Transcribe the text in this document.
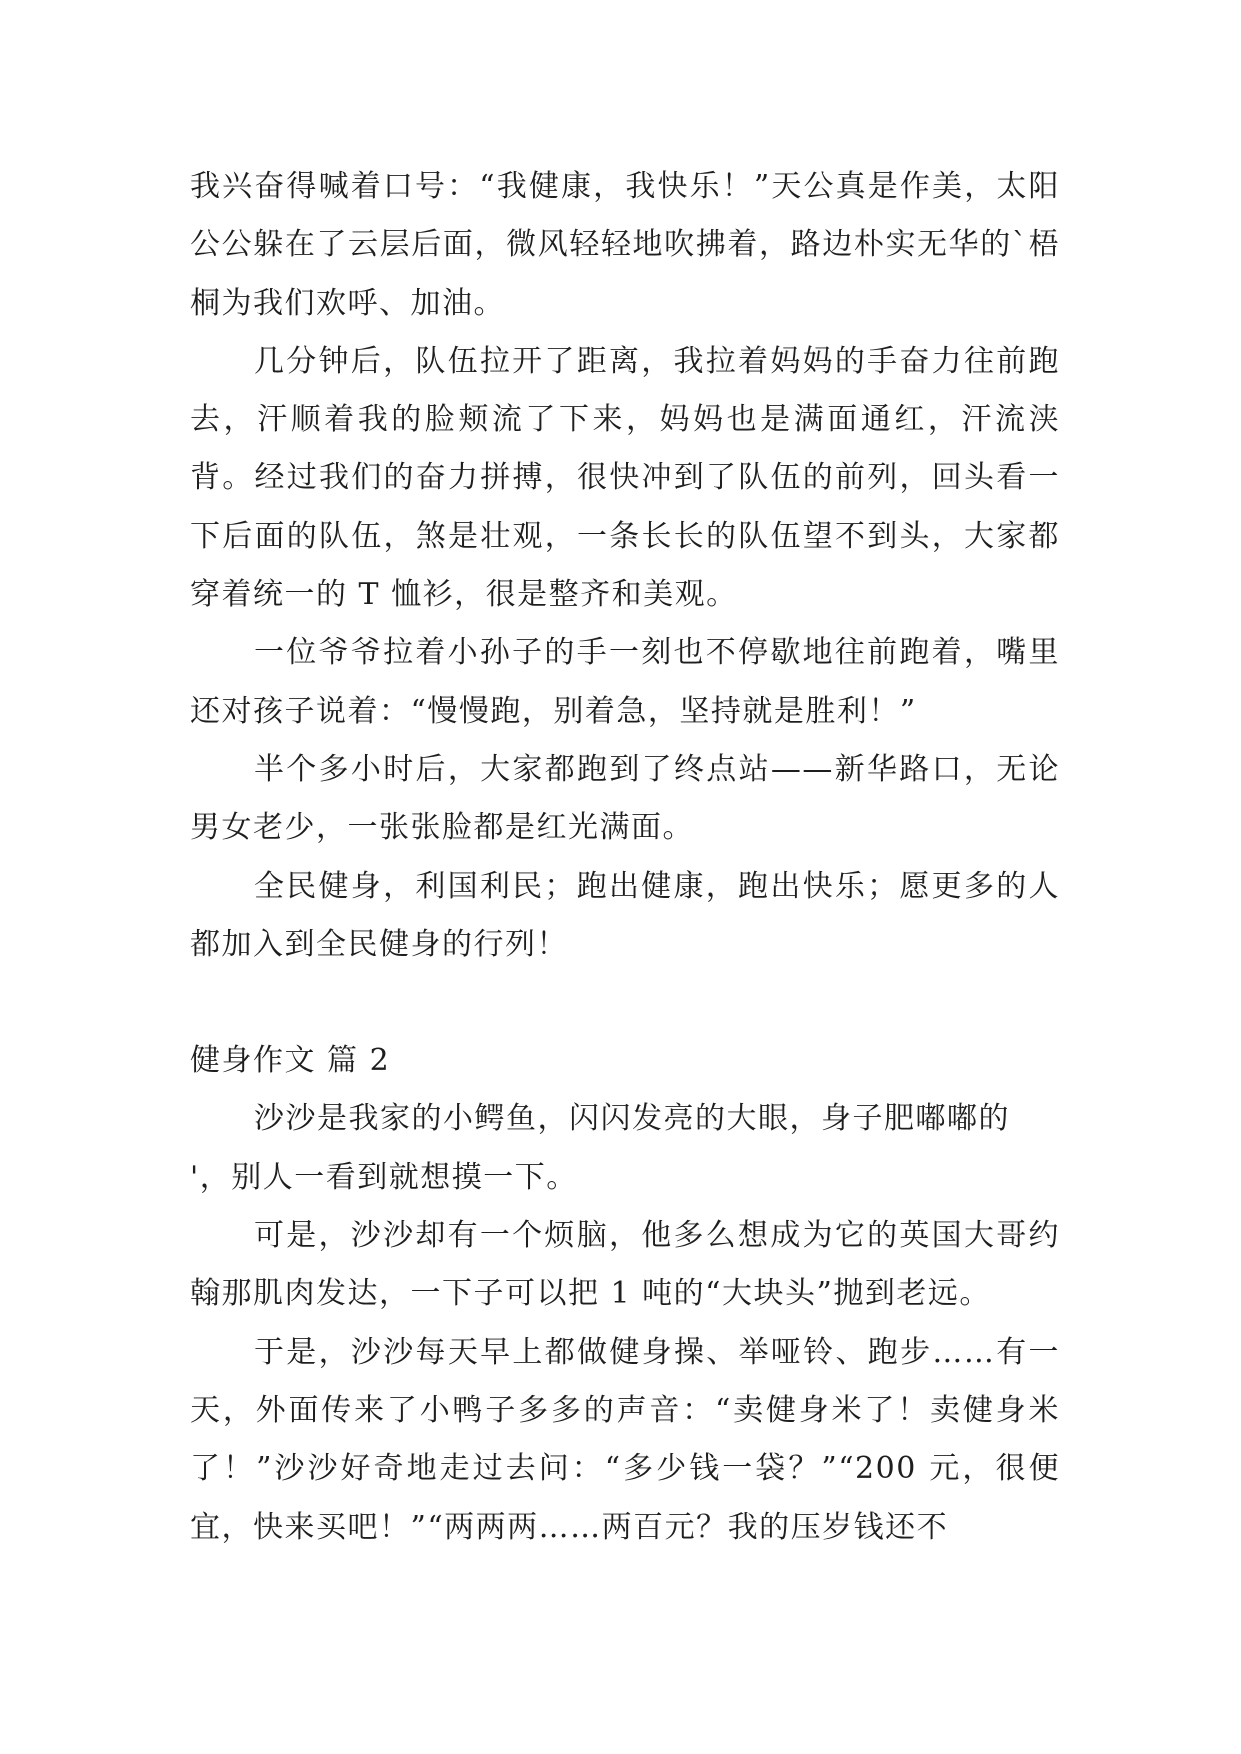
我兴奋得喊着口号：“我健康，我快乐！”天公真是作美，太阳公公躲在了云层后面，微风轻轻地吹拂着，路边朴实无华的`梧桐为我们欢呼、加油。

几分钟后，队伍拉开了距离，我拉着妈妈的手奋力往前跑去，汗顺着我的脸颊流了下来，妈妈也是满面通红，汗流浃背。经过我们的奋力拼搏，很快冲到了队伍的前列，回头看一下后面的队伍，煞是壮观，一条长长的队伍望不到头，大家都穿着统一的 T 恤衫，很是整齐和美观。

一位爷爷拉着小孙子的手一刻也不停歇地往前跑着，嘴里还对孩子说着：“慢慢跑，别着急，坚持就是胜利！”

半个多小时后，大家都跑到了终点站——新华路口，无论男女老少，一张张脸都是红光满面。

全民健身，利国利民；跑出健康，跑出快乐；愿更多的人都加入到全民健身的行列！

健身作文 篇 2

沙沙是我家的小鳄鱼，闪闪发亮的大眼，身子肥嘟嘟的

'，别人一看到就想摸一下。

可是，沙沙却有一个烦脑，他多么想成为它的英国大哥约翰那肌肉发达，一下子可以把 1 吨的“大块头”抛到老远。

于是，沙沙每天早上都做健身操、举哑铃、跑步……有一天，外面传来了小鸭子多多的声音：“卖健身米了！卖健身米了！”沙沙好奇地走过去问：“多少钱一袋？”“200 元，很便宜，快来买吧！”“两两两……两百元？我的压岁钱还不
